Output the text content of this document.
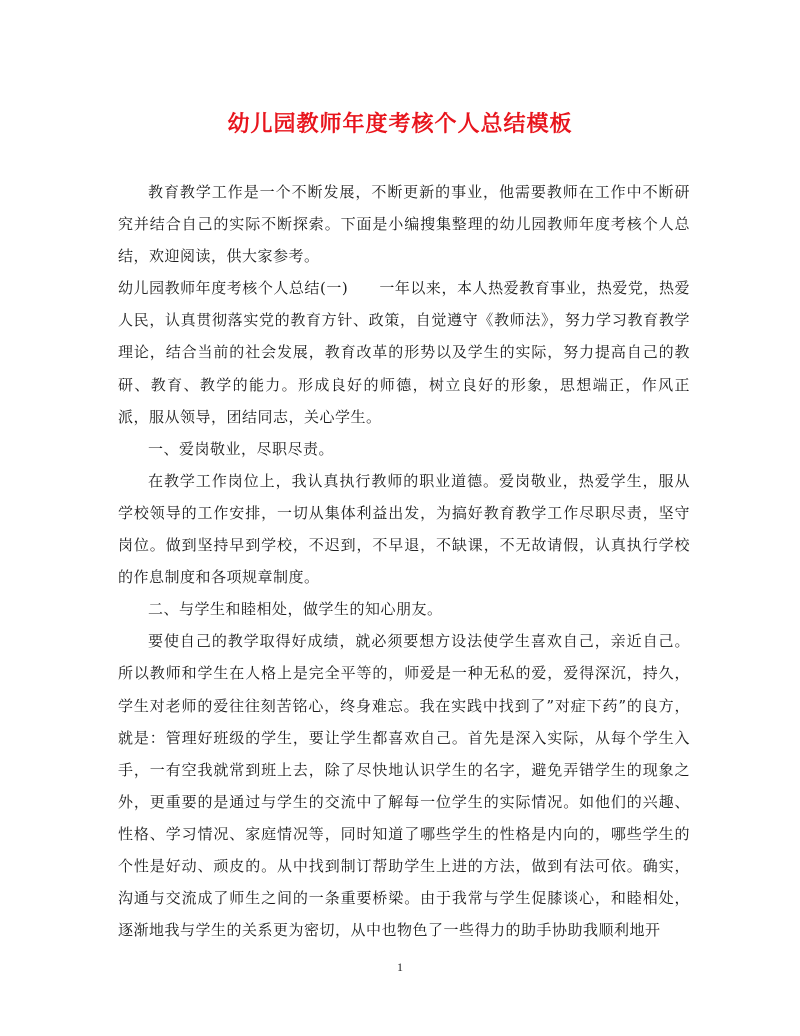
幼儿园教师年度考核个人总结模板

教育教学工作是一个不断发展，不断更新的事业，他需要教师在工作中不断研究并结合自己的实际不断探索。下面是小编搜集整理的幼儿园教师年度考核个人总结，欢迎阅读，供大家参考。

幼儿园教师年度考核个人总结(一)　　一年以来，本人热爱教育事业，热爱党，热爱人民，认真贯彻落实党的教育方针、政策，自觉遵守《教师法》，努力学习教育教学理论，结合当前的社会发展，教育改革的形势以及学生的实际，努力提高自己的教研、教育、教学的能力。形成良好的师德，树立良好的形象，思想端正，作风正派，服从领导，团结同志，关心学生。

一、爱岗敬业，尽职尽责。

在教学工作岗位上，我认真执行教师的职业道德。爱岗敬业，热爱学生，服从学校领导的工作安排，一切从集体利益出发，为搞好教育教学工作尽职尽责，坚守岗位。做到坚持早到学校，不迟到，不早退，不缺课，不无故请假，认真执行学校的作息制度和各项规章制度。

二、与学生和睦相处，做学生的知心朋友。

要使自己的教学取得好成绩，就必须要想方设法使学生喜欢自己，亲近自己。所以教师和学生在人格上是完全平等的，师爱是一种无私的爱，爱得深沉，持久，学生对老师的爱往往刻苦铭心，终身难忘。我在实践中找到了”对症下药”的良方，就是：管理好班级的学生，要让学生都喜欢自己。首先是深入实际，从每个学生入手，一有空我就常到班上去，除了尽快地认识学生的名字，避免弄错学生的现象之外，更重要的是通过与学生的交流中了解每一位学生的实际情况。如他们的兴趣、性格、学习情况、家庭情况等，同时知道了哪些学生的性格是内向的，哪些学生的个性是好动、顽皮的。从中找到制订帮助学生上进的方法，做到有法可依。确实，沟通与交流成了师生之间的一条重要桥梁。由于我常与学生促膝谈心，和睦相处，逐渐地我与学生的关系更为密切，从中也物色了一些得力的助手协助我顺利地开

1
